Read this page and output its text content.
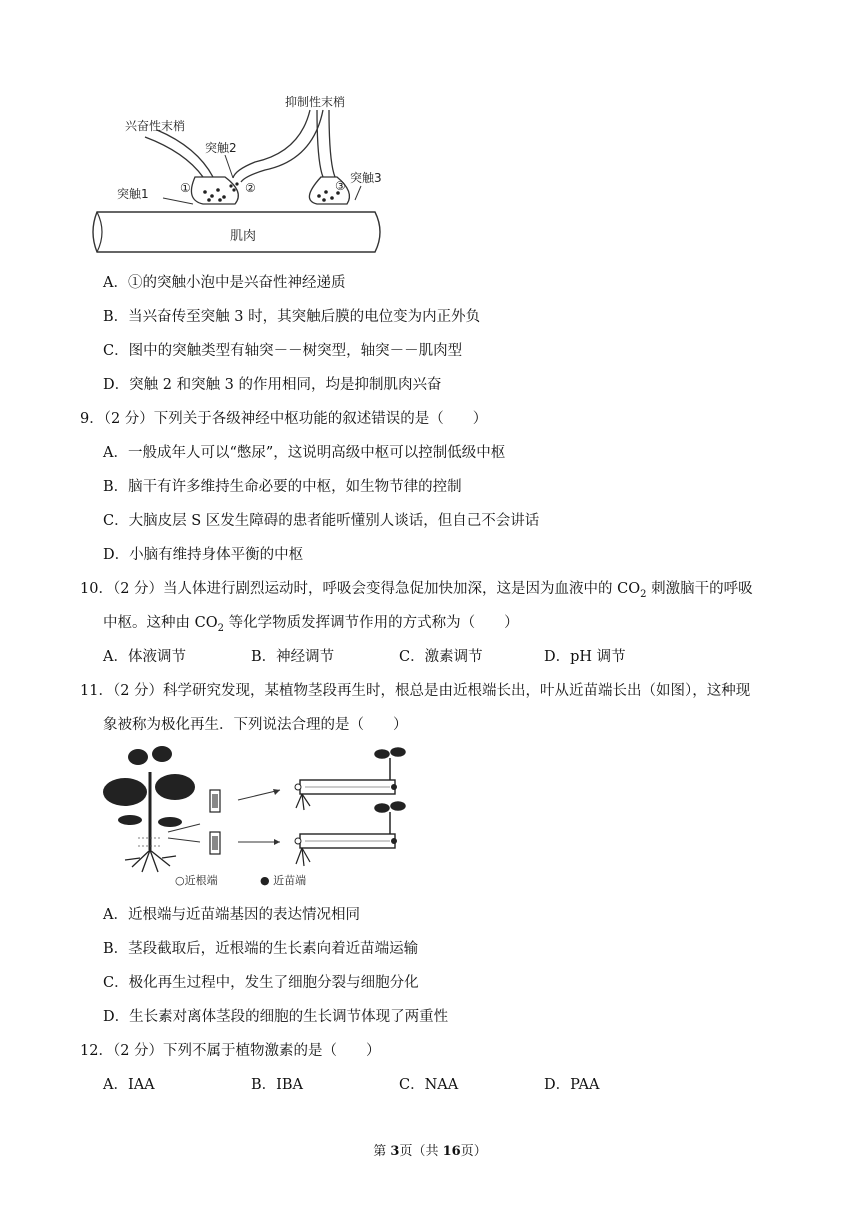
肌肉
兴奋性末梢
抑制性末梢
突触2
突触1
突触3
①	②	③
A．①的突触小泡中是兴奋性神经递质
B．当兴奋传至突触 3 时，其突触后膜的电位变为内正外负
C．图中的突触类型有轴突－－树突型，轴突－－肌肉型
D．突触 2 和突触 3 的作用相同，均是抑制肌肉兴奋
9．（2 分）下列关于各级神经中枢功能的叙述错误的是（　　）
A．一般成年人可以“憋尿”，这说明高级中枢可以控制低级中枢
B．脑干有许多维持生命必要的中枢，如生物节律的控制
C．大脑皮层 S 区发生障碍的患者能听懂别人谈话，但自己不会讲话
D．小脑有维持身体平衡的中枢
10．（2 分）当人体进行剧烈运动时，呼吸会变得急促加快加深，这是因为血液中的 $CO_2$ 刺激脑干的呼吸
中枢。这种由 $CO_2$ 等化学物质发挥调节作用的方式称为（　　）
A．体液调节	B．神经调节	C．激素调节	D．pH 调节
11．（2 分）科学研究发现，某植物茎段再生时，根总是由近根端长出，叶从近苗端长出（如图），这种现
象被称为极化再生．下列说法合理的是（　　）
○近根端	● 近苗端
A．近根端与近苗端基因的表达情况相同
B．茎段截取后，近根端的生长素向着近苗端运输
C．极化再生过程中，发生了细胞分裂与细胞分化
D．生长素对离体茎段的细胞的生长调节体现了两重性
12．（2 分）下列不属于植物激素的是（　　）
A．IAA	B．IBA	C．NAA	D．PAA
第 3页（共 16页）
